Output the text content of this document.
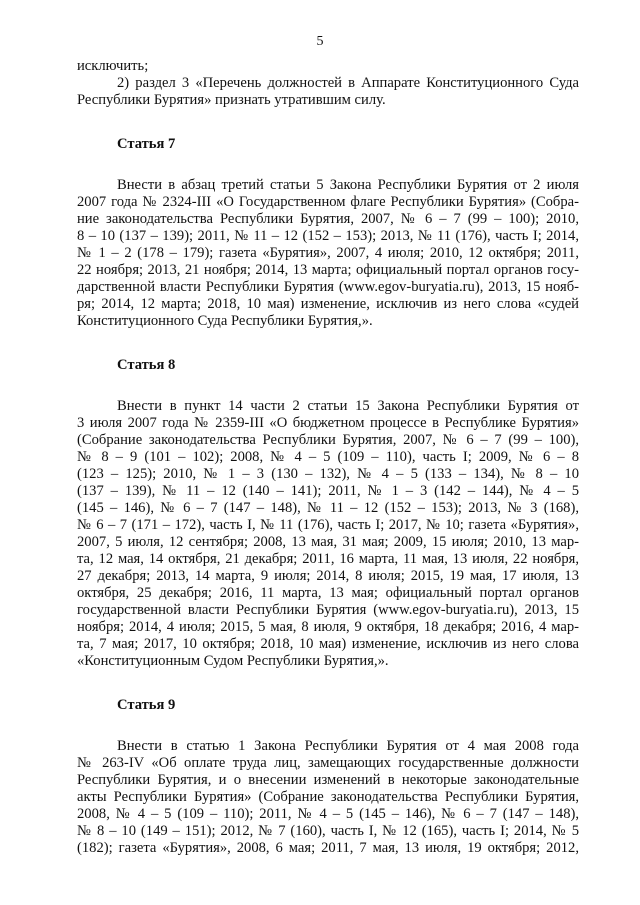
5
исключить;
2) раздел 3 «Перечень должностей в Аппарате Конституционного Суда
Республики Бурятия» признать утратившим силу.
Статья 7
Внести в абзац третий статьи 5 Закона Республики Бурятия от 2 июля
2007 года № 2324-III «О Государственном флаге Республики Бурятия» (Собра-
ние законодательства Республики Бурятия, 2007, № 6 – 7 (99 – 100); 2010,
8 – 10 (137 – 139); 2011, № 11 – 12 (152 – 153); 2013, № 11 (176), часть I; 2014,
№ 1 – 2 (178 – 179); газета «Бурятия», 2007, 4 июля; 2010, 12 октября; 2011,
22 ноября; 2013, 21 ноября; 2014, 13 марта; официальный портал органов госу-
дарственной власти Республики Бурятия (www.egov-buryatia.ru), 2013, 15 нояб-
ря; 2014, 12 марта; 2018, 10 мая) изменение, исключив из него слова «судей
Конституционного Суда Республики Бурятия,».
Статья 8
Внести в пункт 14 части 2 статьи 15 Закона Республики Бурятия от
3 июля 2007 года № 2359-III «О бюджетном процессе в Республике Бурятия»
(Собрание законодательства Республики Бурятия, 2007, № 6 – 7 (99 – 100),
№ 8 – 9 (101 – 102); 2008, № 4 – 5 (109 – 110), часть I; 2009, № 6 – 8
(123 – 125); 2010, № 1 – 3 (130 – 132), № 4 – 5 (133 – 134), № 8 – 10
(137 – 139), № 11 – 12 (140 – 141); 2011, № 1 – 3 (142 – 144), № 4 – 5
(145 – 146), № 6 – 7 (147 – 148), № 11 – 12 (152 – 153); 2013, № 3 (168),
№ 6 – 7 (171 – 172), часть I, № 11 (176), часть I; 2017, № 10; газета «Бурятия»,
2007, 5 июля, 12 сентября; 2008, 13 мая, 31 мая; 2009, 15 июля; 2010, 13 мар-
та, 12 мая, 14 октября, 21 декабря; 2011, 16 марта, 11 мая, 13 июля, 22 ноября,
27 декабря; 2013, 14 марта, 9 июля; 2014, 8 июля; 2015, 19 мая, 17 июля, 13
октября, 25 декабря; 2016, 11 марта, 13 мая; официальный портал органов
государственной власти Республики Бурятия (www.egov-buryatia.ru), 2013, 15
ноября; 2014, 4 июля; 2015, 5 мая, 8 июля, 9 октября, 18 декабря; 2016, 4 мар-
та, 7 мая; 2017, 10 октября; 2018, 10 мая) изменение, исключив из него слова
«Конституционным Судом Республики Бурятия,».
Статья 9
Внести в статью 1 Закона Республики Бурятия от 4 мая 2008 года
№ 263-IV «Об оплате труда лиц, замещающих государственные должности
Республики Бурятия, и о внесении изменений в некоторые законодательные
акты Республики Бурятия» (Собрание законодательства Республики Бурятия,
2008, № 4 – 5 (109 – 110); 2011, № 4 – 5 (145 – 146), № 6 – 7 (147 – 148),
№ 8 – 10 (149 – 151); 2012, № 7 (160), часть I, № 12 (165), часть I; 2014, № 5
(182); газета «Бурятия», 2008, 6 мая; 2011, 7 мая, 13 июля, 19 октября; 2012,
